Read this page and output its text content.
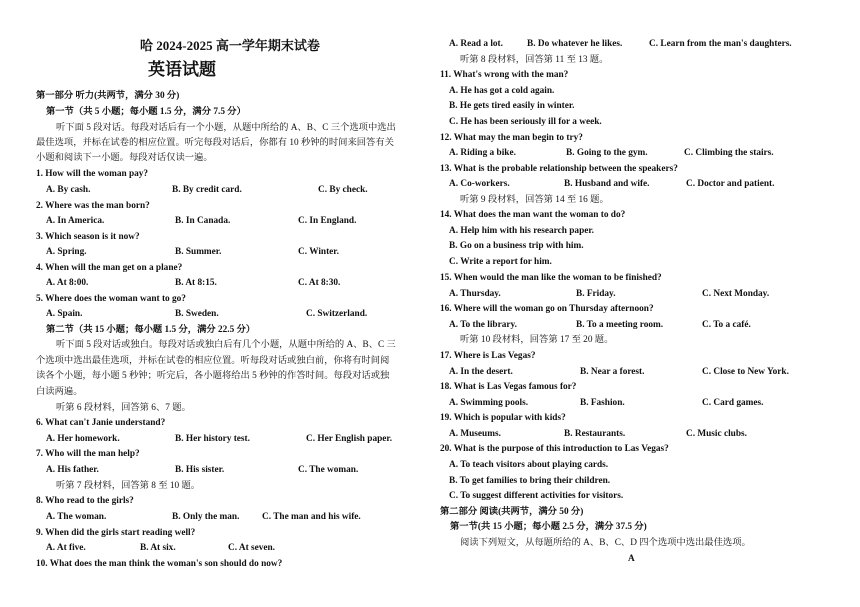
哈 2024-2025 高一学年期末试卷
英语试题
第一部分 听力(共两节，满分 30 分)
第一节（共 5 小题；每小题 1.5 分，满分 7.5 分）
听下面 5 段对话。每段对话后有一个小题，从题中所给的 A、B、C 三个选项中选出
最佳选项，并标在试卷的相应位置。听完每段对话后，你都有 10 秒钟的时间来回答有关
小题和阅读下一小题。每段对话仅读一遍。
1. How will the woman pay?
A. By cash.	B. By credit card.	C. By check.
2. Where was the man born?
A. In America.	B. In Canada.	C. In England.
3. Which season is it now?
A. Spring.	B. Summer.	C. Winter.
4. When will the man get on a plane?
A. At 8:00.	B. At 8:15.	C. At 8:30.
5. Where does the woman want to go?
A. Spain.	B. Sweden.	C. Switzerland.
第二节（共 15 小题；每小题 1.5 分，满分 22.5 分）
听下面 5 段对话或独白。每段对话或独白后有几个小题，从题中所给的 A、B、C 三
个选项中选出最佳选项，并标在试卷的相应位置。听每段对话或独白前，你将有时间阅
读各个小题，每小题 5 秒钟；听完后，各小题将给出 5 秒钟的作答时间。每段对话或独
白读两遍。
听第 6 段材料，回答第 6、7 题。
6. What can't Janie understand?
A. Her homework.	B. Her history test.	C. Her English paper.
7. Who will the man help?
A. His father.	B. His sister.	C. The woman.
听第 7 段材料，回答第 8 至 10 题。
8. Who read to the girls?
A. The woman.	B. Only the man. C. The man and his wife.
9. When did the girls start reading well?
A. At five.	B. At six.	C. At seven.
10. What does the man think the woman's son should do now?
A. Read a lot.	B. Do whatever he likes.	C. Learn from the man's daughters.
听第 8 段材料，回答第 11 至 13 题。
11. What's wrong with the man?
A. He has got a cold again.
B. He gets tired easily in winter.
C. He has been seriously ill for a week.
12. What may the man begin to try?
A. Riding a bike.	B. Going to the gym.	C. Climbing the stairs.
13. What is the probable relationship between the speakers?
A. Co-workers.	B. Husband and wife.	C. Doctor and patient.
听第 9 段材料，回答第 14 至 16 题。
14. What does the man want the woman to do?
A. Help him with his research paper.
B. Go on a business trip with him.
C. Write a report for him.
15. When would the man like the woman to be finished?
A. Thursday.	B. Friday.	C. Next Monday.
16. Where will the woman go on Thursday afternoon?
A. To the library.	B. To a meeting room.	C. To a café.
听第 10 段材料，回答第 17 至 20 题。
17. Where is Las Vegas?
A. In the desert.	B. Near a forest.	C. Close to New York.
18. What is Las Vegas famous for?
A. Swimming pools.	B. Fashion.	C. Card games.
19. Which is popular with kids?
A. Museums.	B. Restaurants.	C. Music clubs.
20. What is the purpose of this introduction to Las Vegas?
A. To teach visitors about playing cards.
B. To get families to bring their children.
C. To suggest different activities for visitors.
第二部分 阅读(共两节，满分 50 分)
第一节(共 15 小题；每小题 2.5 分，满分 37.5 分)
阅读下列短文，从每题所给的 A、B、C、D 四个选项中选出最佳选项。
A
